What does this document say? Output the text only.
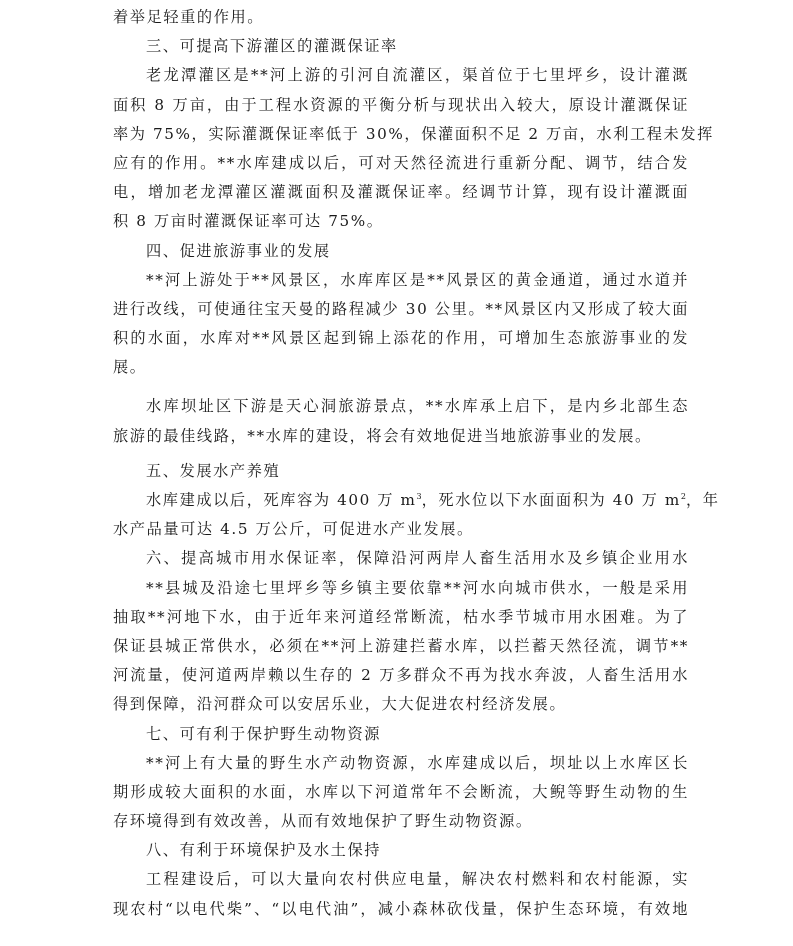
着举足轻重的作用。
三、可提高下游灌区的灌溉保证率
老龙潭灌区是**河上游的引河自流灌区，渠首位于七里坪乡，设计灌溉
面积 8 万亩，由于工程水资源的平衡分析与现状出入较大，原设计灌溉保证
率为 75%，实际灌溉保证率低于 30%，保灌面积不足 2 万亩，水利工程未发挥
应有的作用。**水库建成以后，可对天然径流进行重新分配、调节，结合发
电，增加老龙潭灌区灌溉面积及灌溉保证率。经调节计算，现有设计灌溉面
积 8 万亩时灌溉保证率可达 75%。
四、促进旅游事业的发展
**河上游处于**风景区，水库库区是**风景区的黄金通道，通过水道并
进行改线，可使通往宝天曼的路程减少 30 公里。**风景区内又形成了较大面
积的水面，水库对**风景区起到锦上添花的作用，可增加生态旅游事业的发
展。
水库坝址区下游是天心洞旅游景点，**水库承上启下，是内乡北部生态
旅游的最佳线路，**水库的建设，将会有效地促进当地旅游事业的发展。
五、发展水产养殖
水库建成以后，死库容为 400 万 $m^3$，死水位以下水面面积为 40 万 $m^2$，年
水产品量可达 4.5 万公斤，可促进水产业发展。
六、提高城市用水保证率，保障沿河两岸人畜生活用水及乡镇企业用水
**县城及沿途七里坪乡等乡镇主要依靠**河水向城市供水，一般是采用
抽取**河地下水，由于近年来河道经常断流，枯水季节城市用水困难。为了
保证县城正常供水，必须在**河上游建拦蓄水库，以拦蓄天然径流，调节**
河流量，使河道两岸赖以生存的 2 万多群众不再为找水奔波，人畜生活用水
得到保障，沿河群众可以安居乐业，大大促进农村经济发展。
七、可有利于保护野生动物资源
**河上有大量的野生水产动物资源，水库建成以后，坝址以上水库区长
期形成较大面积的水面，水库以下河道常年不会断流，大鲵等野生动物的生
存环境得到有效改善，从而有效地保护了野生动物资源。
八、有利于环境保护及水土保持
工程建设后，可以大量向农村供应电量，解决农村燃料和农村能源，实
现农村“以电代柴”、“以电代油”，减小森林砍伐量，保护生态环境，有效地
